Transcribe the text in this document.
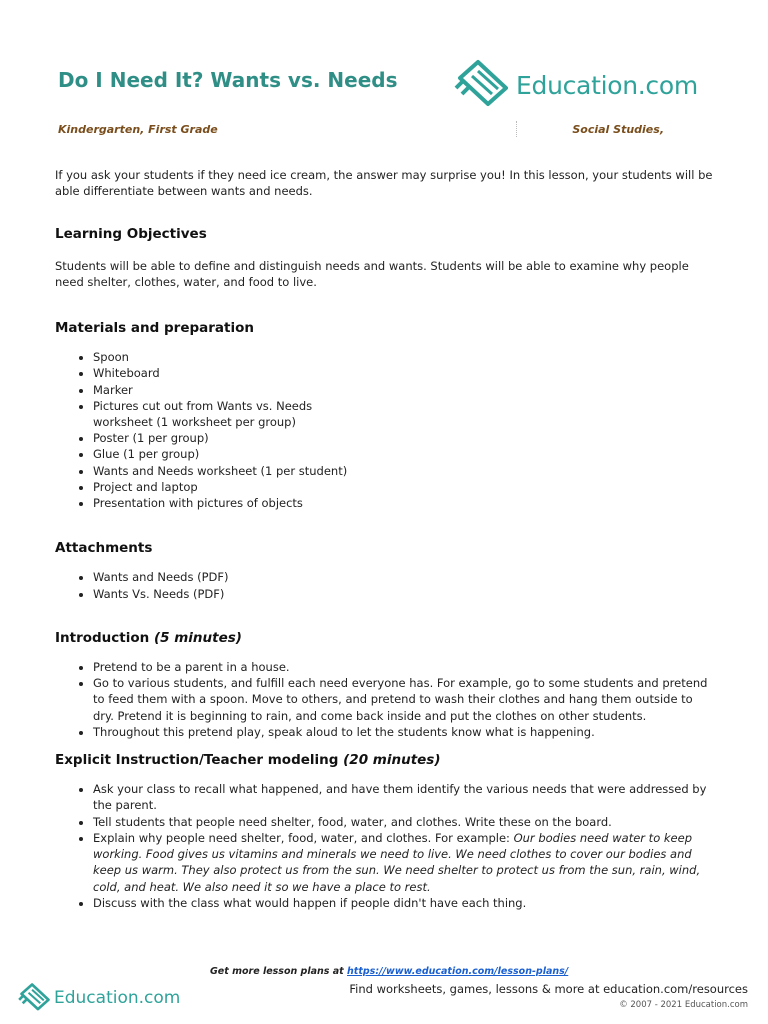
Do I Need It? Wants vs. Needs	Education.com
Kindergarten, First Grade	Social Studies,

If you ask your students if they need ice cream, the answer may surprise you! In this lesson, your students will be able differentiate between wants and needs.

Learning Objectives

Students will be able to define and distinguish needs and wants. Students will be able to examine why people need shelter, clothes, water, and food to live.

Materials and preparation
• Spoon
• Whiteboard
• Marker
• Pictures cut out from Wants vs. Needs
worksheet (1 worksheet per group)
• Poster (1 per group)
• Glue (1 per group)
• Wants and Needs worksheet (1 per student)
• Project and laptop
• Presentation with pictures of objects
Attachments
• Wants and Needs (PDF)
• Wants Vs. Needs (PDF)
Introduction (5 minutes)
• Pretend to be a parent in a house.
• Go to various students, and fulfill each need everyone has. For example, go to some students and pretend to feed them with a spoon. Move to others, and pretend to wash their clothes and hang them outside to dry. Pretend it is beginning to rain, and come back inside and put the clothes on other students.
• Throughout this pretend play, speak aloud to let the students know what is happening.
Explicit Instruction/Teacher modeling (20 minutes)
• Ask your class to recall what happened, and have them identify the various needs that were addressed by the parent.
• Tell students that people need shelter, food, water, and clothes. Write these on the board.
• Explain why people need shelter, food, water, and clothes. For example: Our bodies need water to keep working. Food gives us vitamins and minerals we need to live. We need clothes to cover our bodies and keep us warm. They also protect us from the sun. We need shelter to protect us from the sun, rain, wind, cold, and heat. We also need it so we have a place to rest.
• Discuss with the class what would happen if people didn't have each thing.
Get more lesson plans at https://www.education.com/lesson-plans/
Education.com	Find worksheets, games, lessons & more at education.com/resources
© 2007 - 2021 Education.com
